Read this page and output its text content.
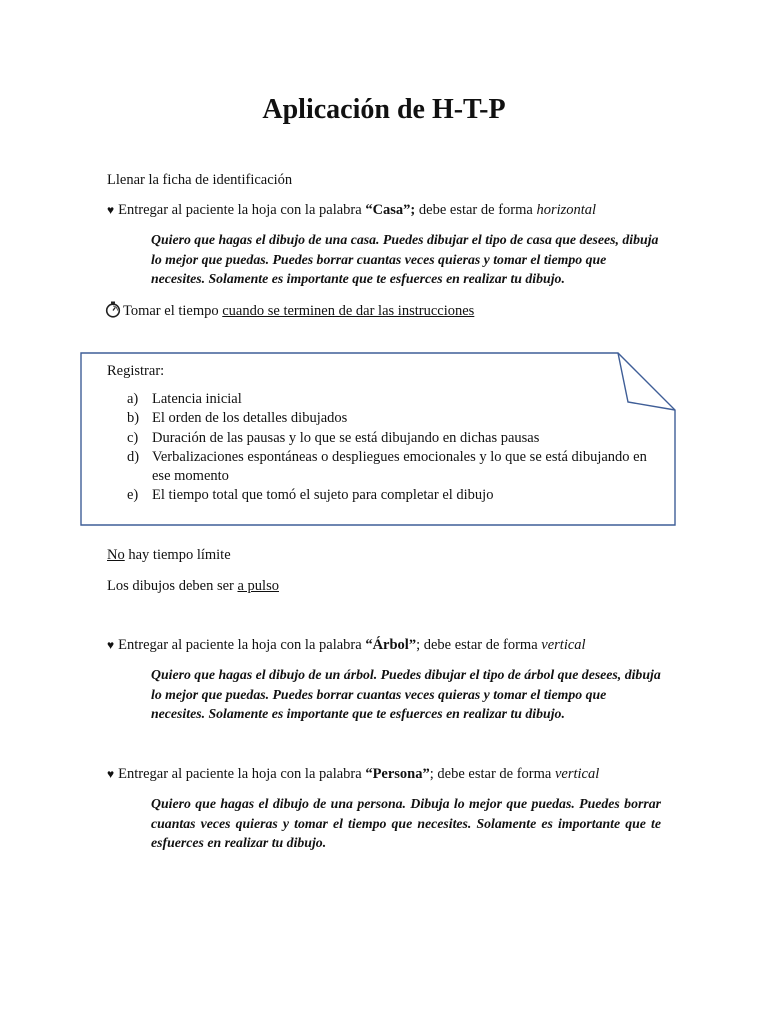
Aplicación de H-T-P
Llenar la ficha de identificación
♥ Entregar al paciente la hoja con la palabra “Casa”; debe estar de forma horizontal
Quiero que hagas el dibujo de una casa. Puedes dibujar el tipo de casa que desees, dibuja lo mejor que puedas. Puedes borrar cuantas veces quieras y tomar el tiempo que necesites. Solamente es importante que te esfuerces en realizar tu dibujo.
Tomar el tiempo cuando se terminen de dar las instrucciones
Registrar:
a) Latencia inicial
b) El orden de los detalles dibujados
c) Duración de las pausas y lo que se está dibujando en dichas pausas
d) Verbalizaciones espontáneas o despliegues emocionales y lo que se está dibujando en ese momento
e) El tiempo total que tomó el sujeto para completar el dibujo
No hay tiempo límite
Los dibujos deben ser a pulso
♥ Entregar al paciente la hoja con la palabra “Árbol”; debe estar de forma vertical
Quiero que hagas el dibujo de un árbol. Puedes dibujar el tipo de árbol que desees, dibuja lo mejor que puedas. Puedes borrar cuantas veces quieras y tomar el tiempo que necesites. Solamente es importante que te esfuerces en realizar tu dibujo.
♥ Entregar al paciente la hoja con la palabra “Persona”; debe estar de forma vertical
Quiero que hagas el dibujo de una persona. Dibuja lo mejor que puedas. Puedes borrar cuantas veces quieras y tomar el tiempo que necesites. Solamente es importante que te esfuerces en realizar tu dibujo.
